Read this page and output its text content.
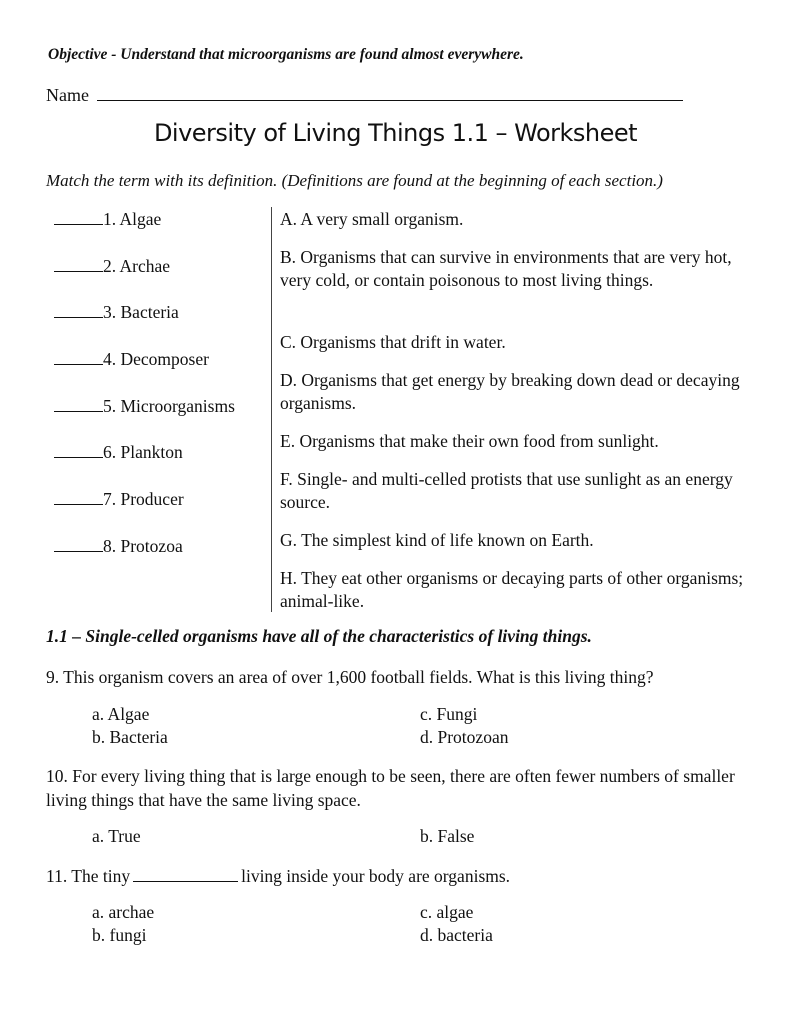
Objective - Understand that microorganisms are found almost everywhere.
Name
Diversity of Living Things 1.1 – Worksheet
Match the term with its definition. (Definitions are found at the beginning of each section.)
1. Algae
2. Archae
3. Bacteria
4. Decomposer
5. Microorganisms
6. Plankton
7. Producer
8. Protozoa
A. A very small organism.
B. Organisms that can survive in environments that are very hot, very cold, or contain poisonous to most living things.
C. Organisms that drift in water.
D. Organisms that get energy by breaking down dead or decaying organisms.
E. Organisms that make their own food from sunlight.
F. Single- and multi-celled protists that use sunlight as an energy source.
G. The simplest kind of life known on Earth.
H. They eat other organisms or decaying parts of other organisms; animal-like.
1.1 – Single-celled organisms have all of the characteristics of living things.
9. This organism covers an area of over 1,600 football fields. What is this living thing?
a. Algae	c. Fungi
b. Bacteria	d. Protozoan
10. For every living thing that is large enough to be seen, there are often fewer numbers of smaller living things that have the same living space.
a. True	b. False
11. The tiny	living inside your body are organisms.
a. archae	c. algae
b. fungi	d. bacteria
